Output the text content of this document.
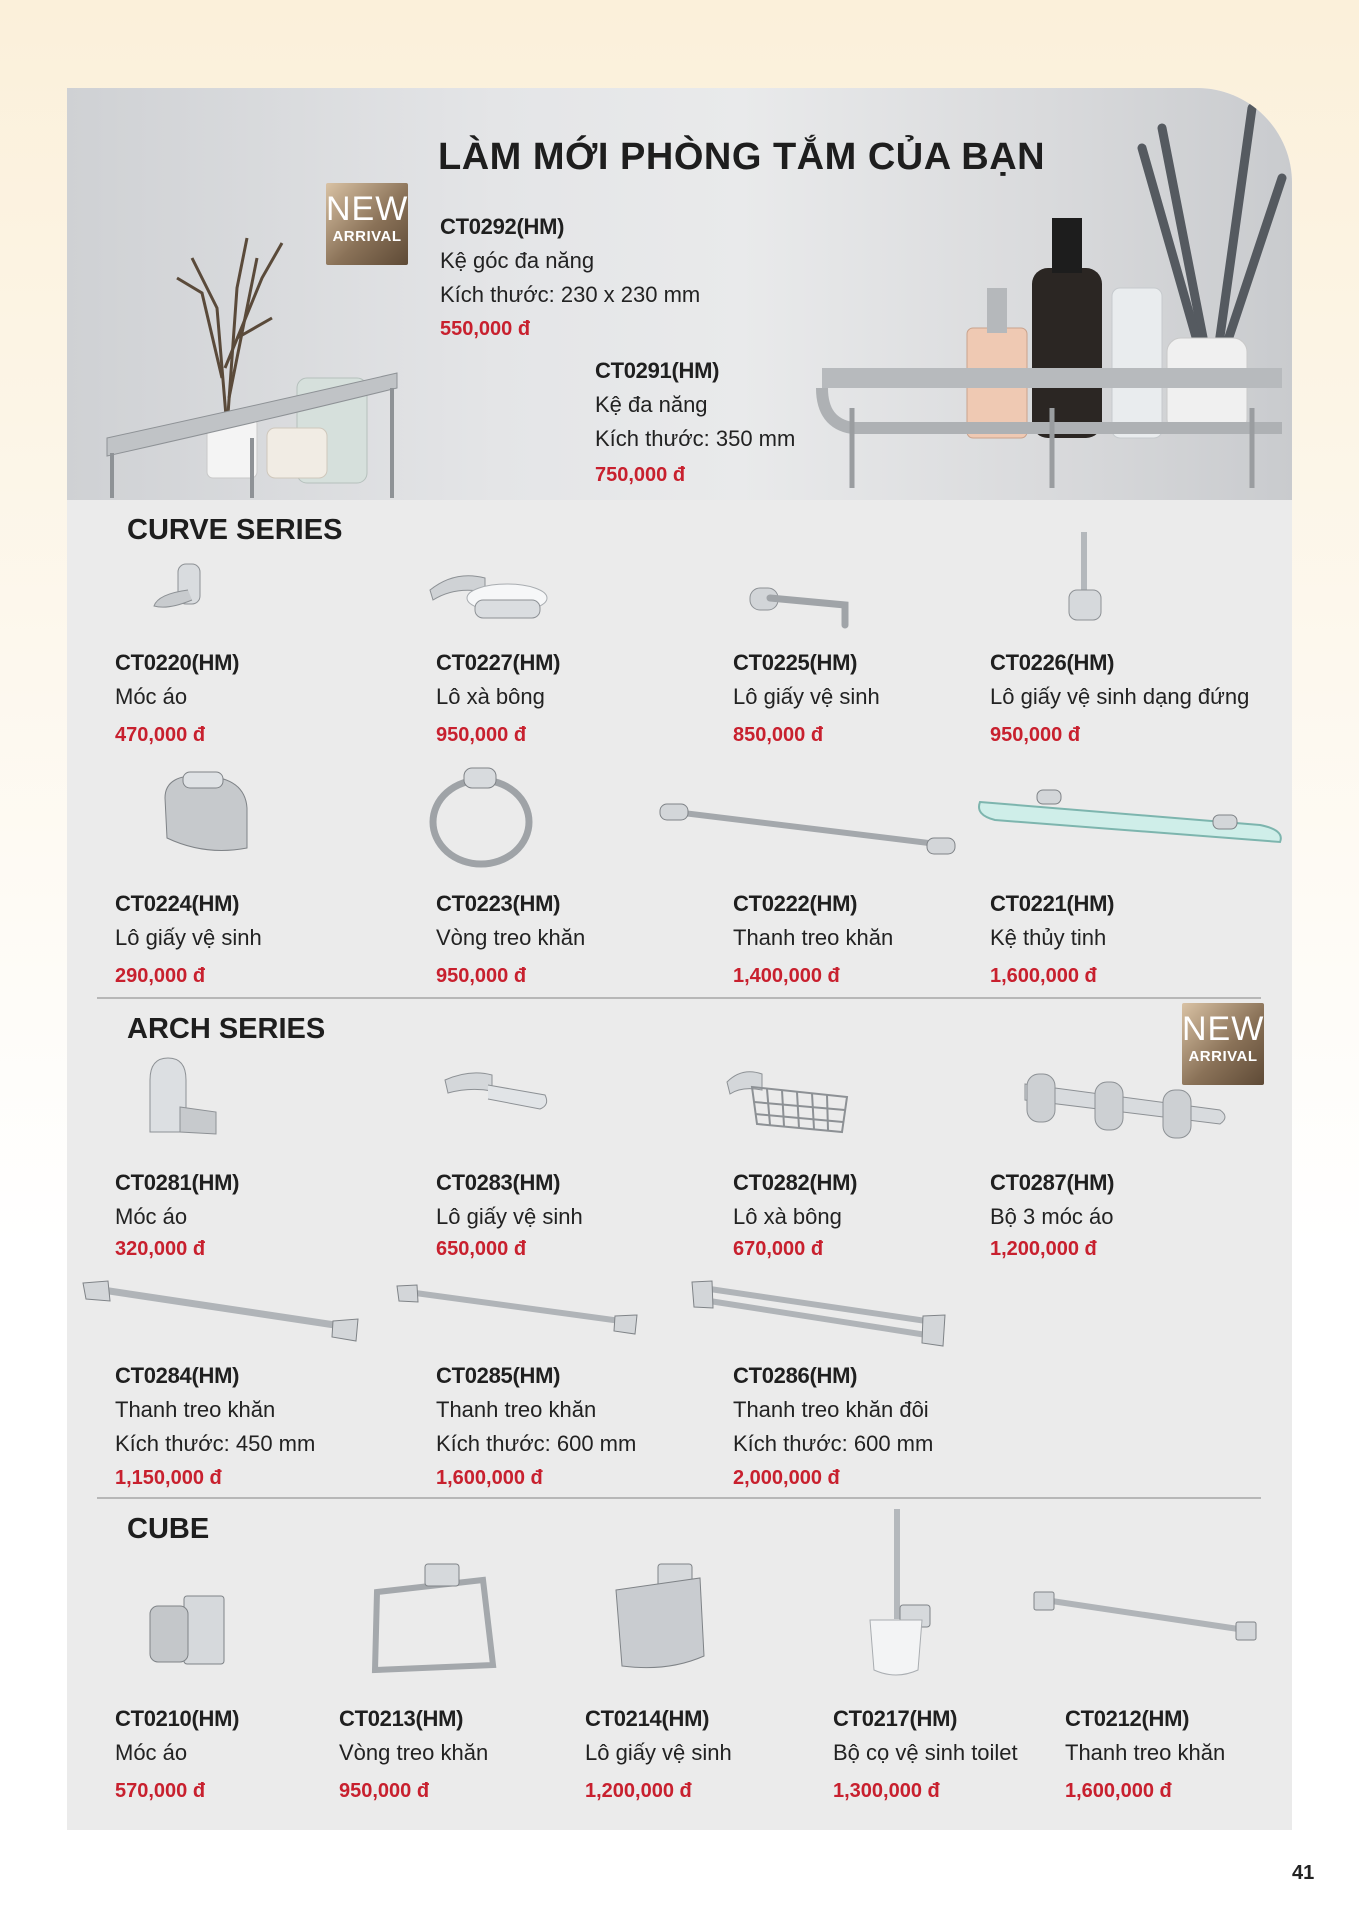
LÀM MỚI PHÒNG TẮM CỦA BẠN
NEW
ARRIVAL CT0292(HM)
Kệ góc đa năng
Kích thước: 230 x 230 mm
550,000 đ
CT0291(HM)
Kệ đa năng
Kích thước: 350 mm
750,000 đ
CURVE SERIES
CT0220(HM)
Móc áo
470,000 đ
CT0227(HM)
Lô xà bông
950,000 đ
CT0225(HM)
Lô giấy vệ sinh
850,000 đ
CT0226(HM)
Lô giấy vệ sinh dạng đứng
950,000 đ
CT0224(HM)
Lô giấy vệ sinh
290,000 đ
CT0223(HM)
Vòng treo khăn
950,000 đ
CT0222(HM)
Thanh treo khăn
1,400,000 đ
CT0221(HM)
Kệ thủy tinh
1,600,000 đ
ARCH SERIES	NEW
ARRIVAL
CT0281(HM)
Móc áo
320,000 đ
CT0283(HM)
Lô giấy vệ sinh
650,000 đ
CT0282(HM)
Lô xà bông
670,000 đ
CT0287(HM)
Bộ 3 móc áo
1,200,000 đ
CT0284(HM)
Thanh treo khăn
Kích thước: 450 mm
1,150,000 đ
CT0285(HM)
Thanh treo khăn
Kích thước: 600 mm
1,600,000 đ
CT0286(HM)
Thanh treo khăn đôi
Kích thước: 600 mm
2,000,000 đ
CUBE
CT0210(HM)
Móc áo
570,000 đ
CT0213(HM)
Vòng treo khăn
950,000 đ
CT0214(HM)
Lô giấy vệ sinh
1,200,000 đ
CT0217(HM)
Bộ cọ vệ sinh toilet
1,300,000 đ
CT0212(HM)
Thanh treo khăn
1,600,000 đ
41
